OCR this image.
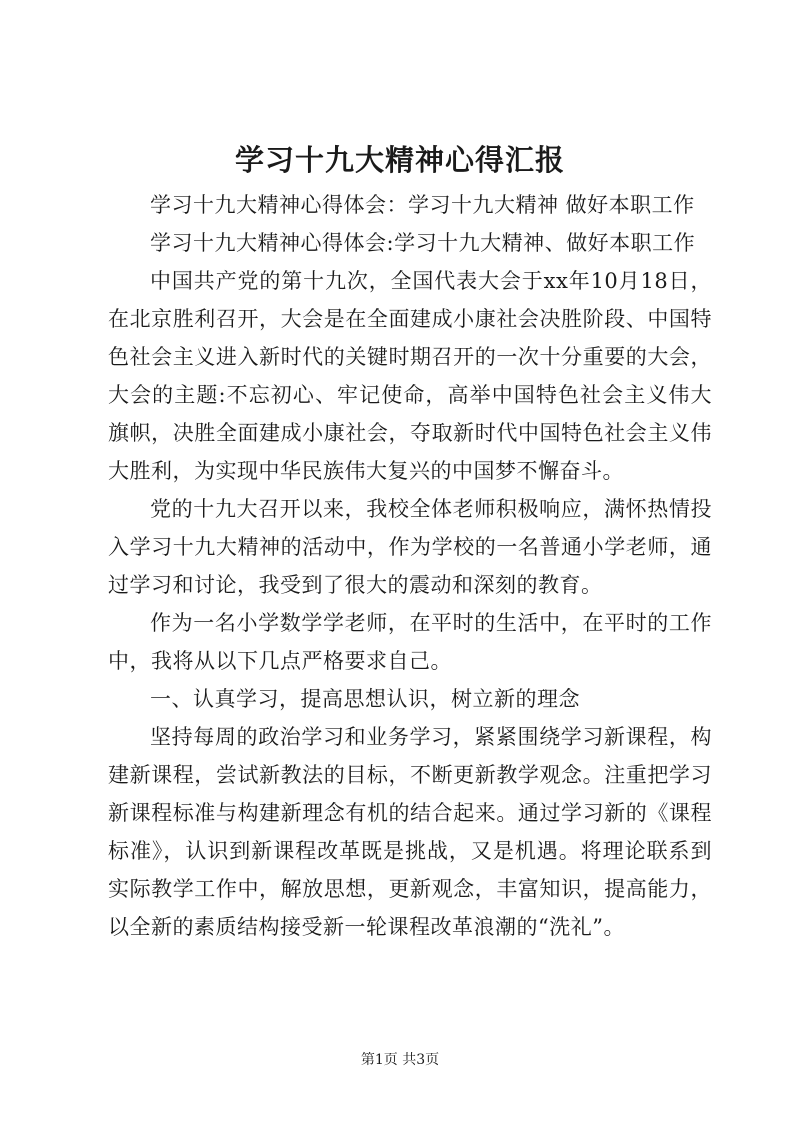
学习十九大精神心得汇报

学习十九大精神心得体会：学习十九大精神 做好本职工作

学习十九大精神心得体会:学习十九大精神、做好本职工作

中国共产党的第十九次，全国代表大会于xx年10月18日，在北京胜利召开，大会是在全面建成小康社会决胜阶段、中国特色社会主义进入新时代的关键时期召开的一次十分重要的大会，大会的主题:不忘初心、牢记使命，高举中国特色社会主义伟大旗帜，决胜全面建成小康社会，夺取新时代中国特色社会主义伟大胜利，为实现中华民族伟大复兴的中国梦不懈奋斗。

党的十九大召开以来，我校全体老师积极响应，满怀热情投入学习十九大精神的活动中，作为学校的一名普通小学老师，通过学习和讨论，我受到了很大的震动和深刻的教育。

作为一名小学数学学老师，在平时的生活中，在平时的工作中，我将从以下几点严格要求自己。

一、认真学习，提高思想认识，树立新的理念

坚持每周的政治学习和业务学习，紧紧围绕学习新课程，构建新课程，尝试新教法的目标，不断更新教学观念。注重把学习新课程标准与构建新理念有机的结合起来。通过学习新的《课程标准》，认识到新课程改革既是挑战，又是机遇。将理论联系到实际教学工作中，解放思想，更新观念，丰富知识，提高能力，以全新的素质结构接受新一轮课程改革浪潮的“洗礼”。

第1页 共3页
